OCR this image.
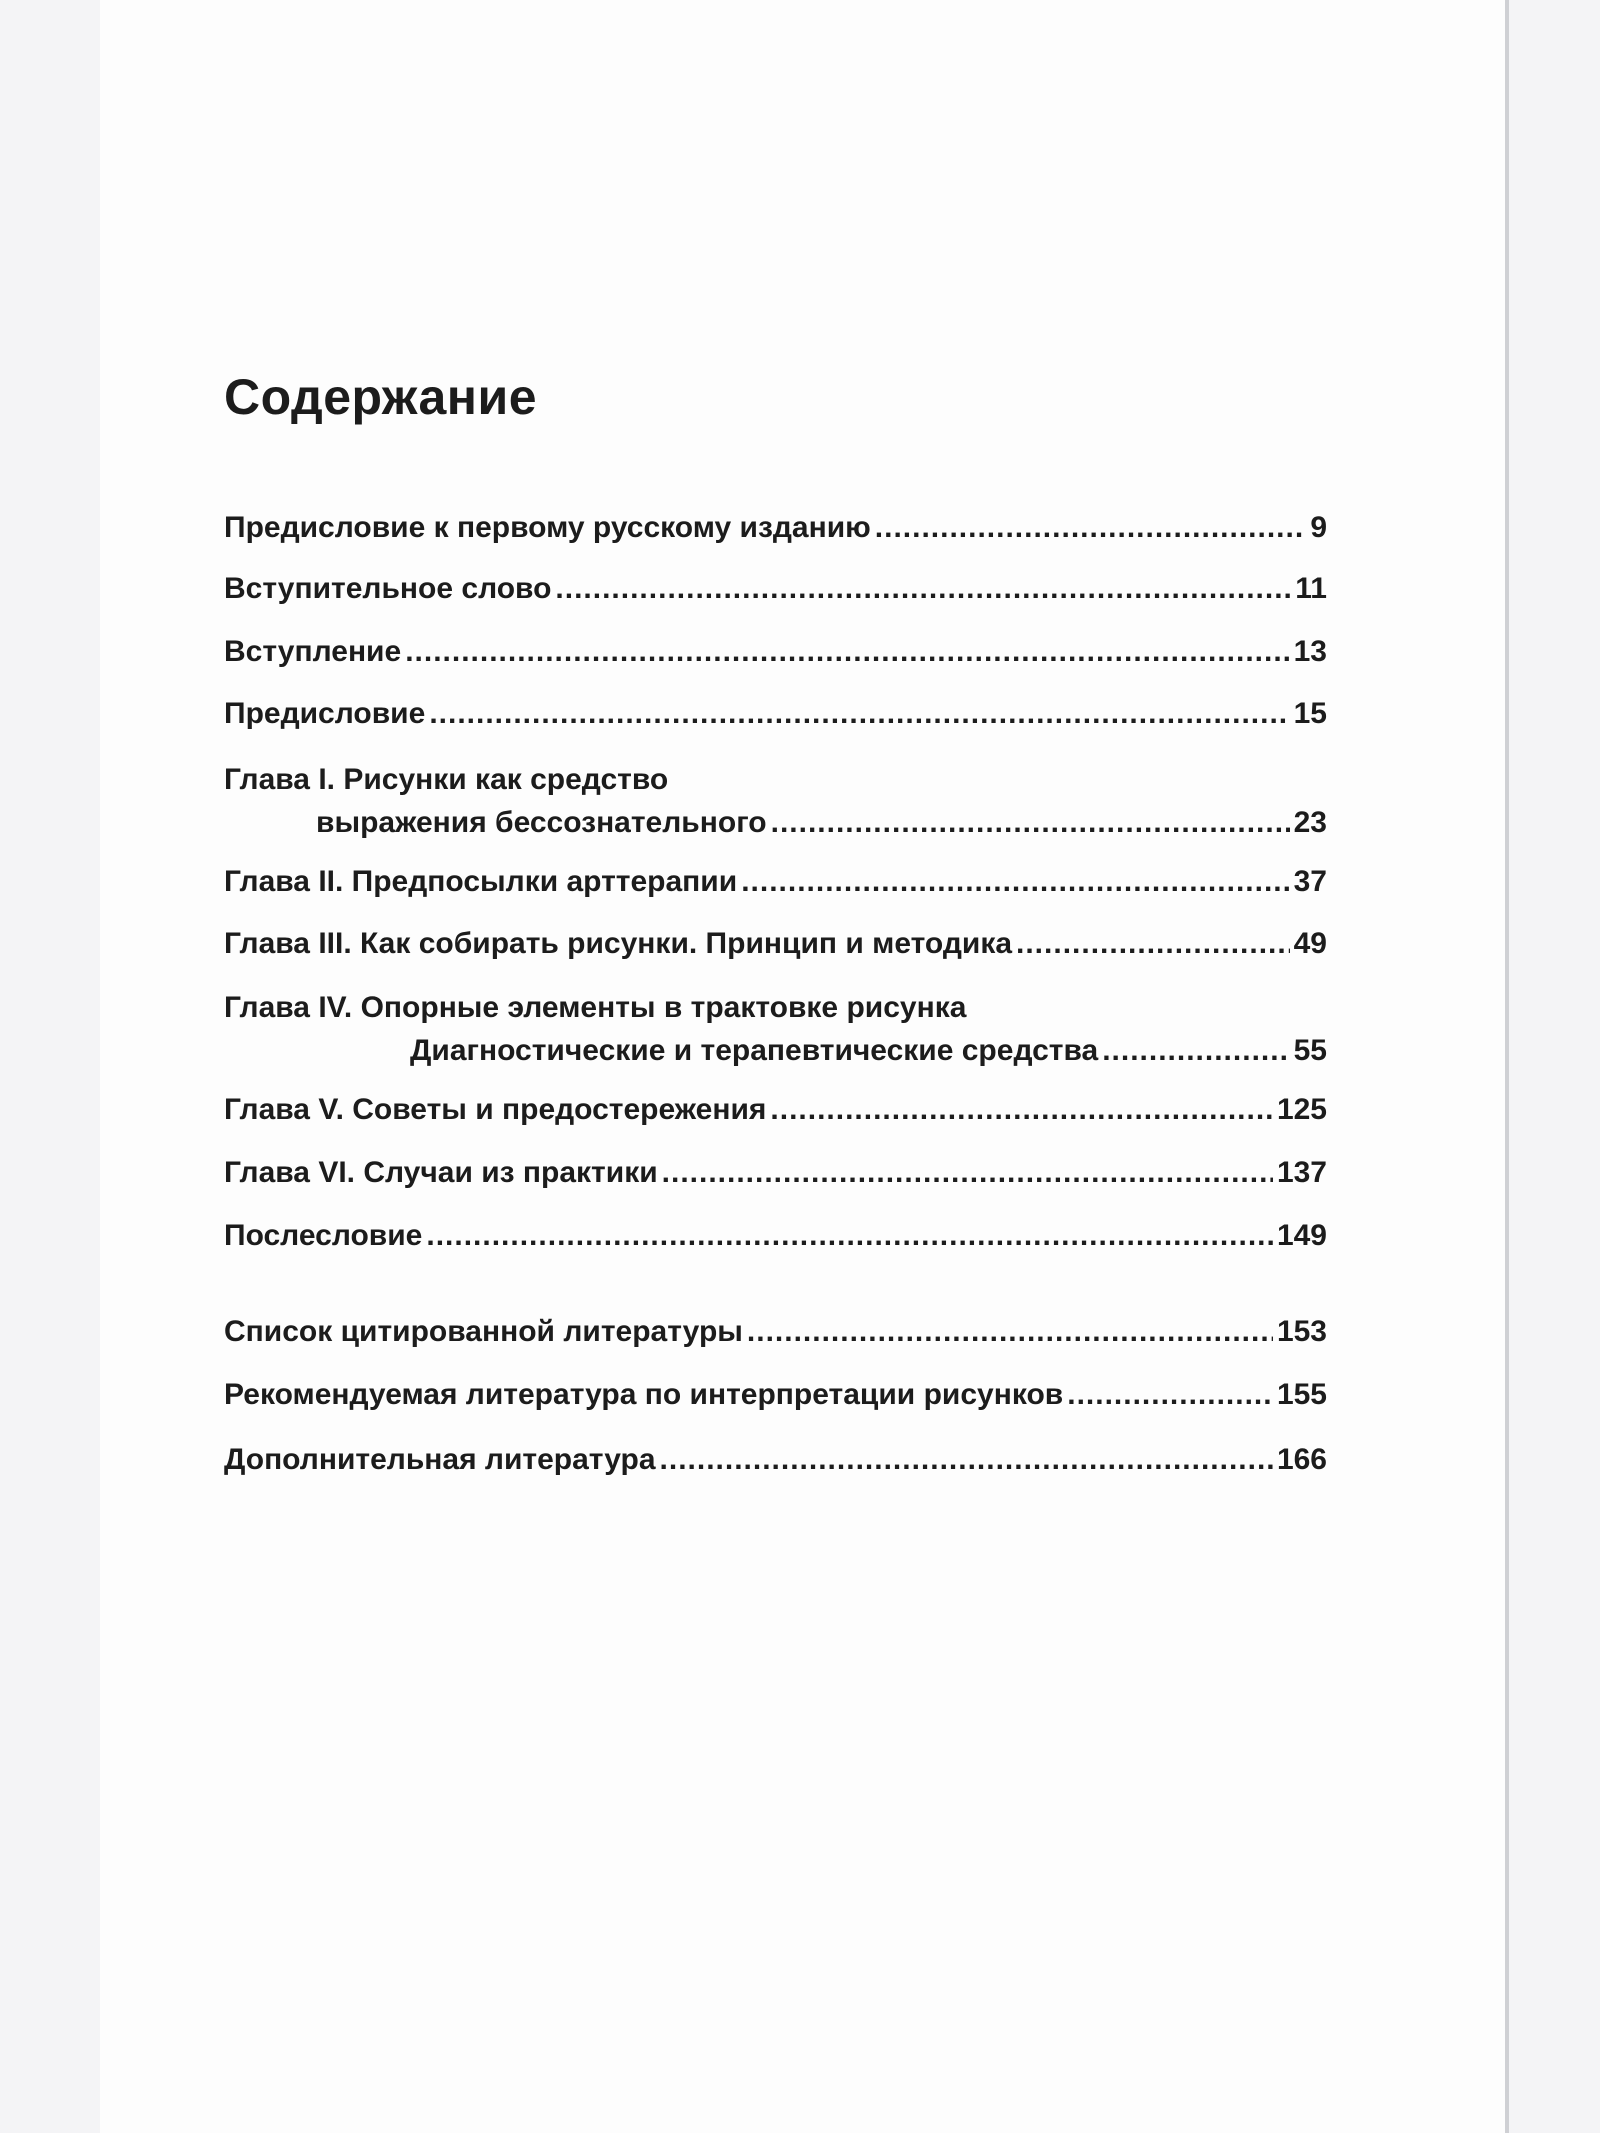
Содержание
Предисловие к первому русскому изданию .....	9
Вступительное слово .....	11
Вступление .....	13
Предисловие .....	15
Глава I. Рисунки как средство
выражения бессознательного .....	23
Глава II. Предпосылки арттерапии .....	37
Глава III. Как собирать рисунки. Принцип и методика .....	49
Глава IV. Опорные элементы в трактовке рисунка
Диагностические и терапевтические средства .....	55
Глава V. Советы и предостережения .....	125
Глава VI. Случаи из практики .....	137
Послесловие .....	149
Список цитированной литературы .....	153
Рекомендуемая литература по интерпретации рисунков .....	155
Дополнительная литература .....	166
